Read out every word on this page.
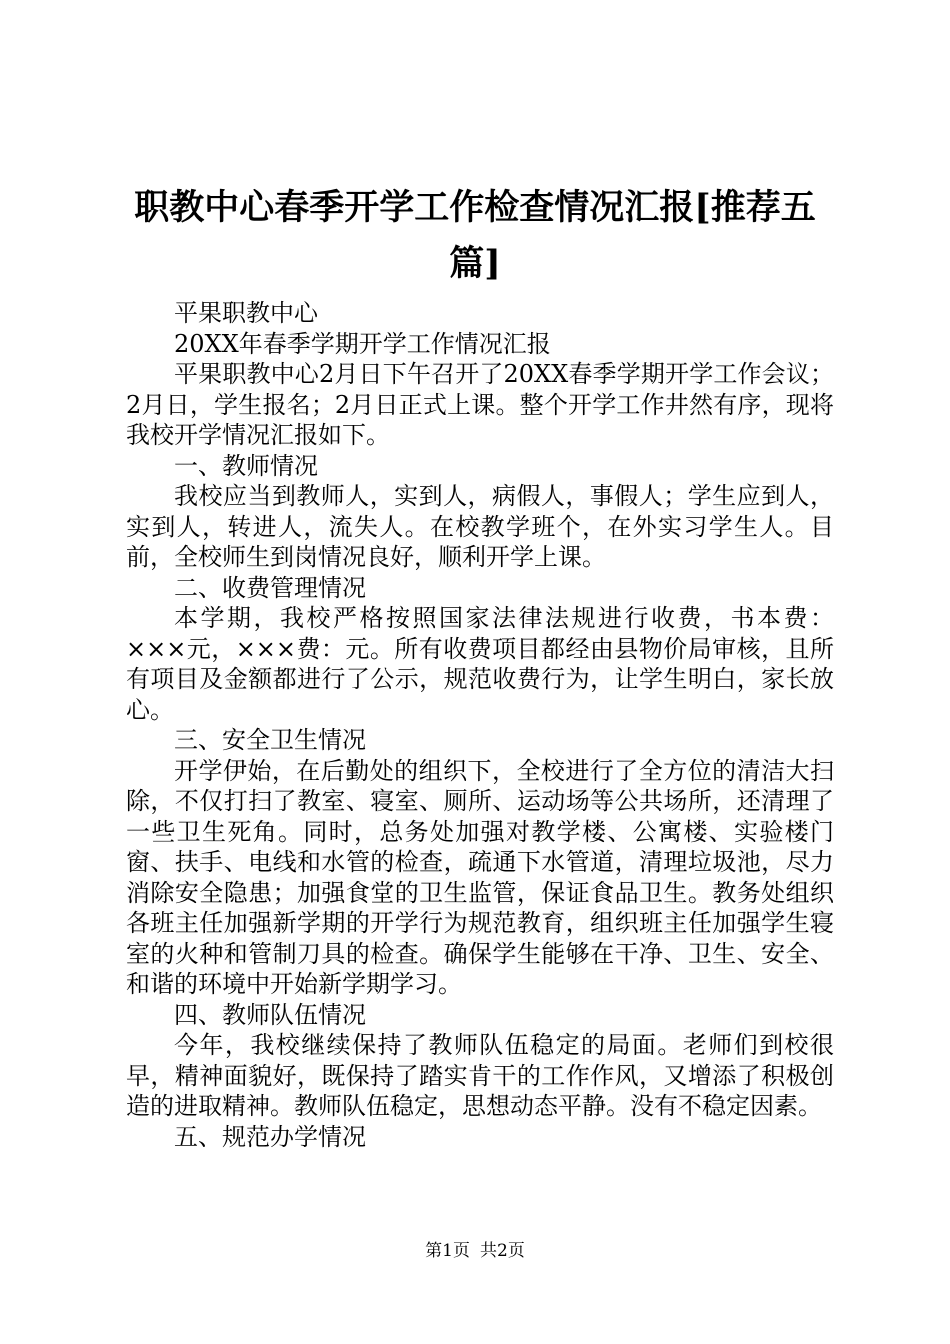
职教中心春季开学工作检查情况汇报[推荐五篇]

平果职教中心

20XX年春季学期开学工作情况汇报

平果职教中心2月日下午召开了20XX春季学期开学工作会议；2月日，学生报名；2月日正式上课。整个开学工作井然有序，现将我校开学情况汇报如下。

一、教师情况

我校应当到教师人，实到人，病假人，事假人；学生应到人，实到人，转进人，流失人。在校教学班个，在外实习学生人。目前，全校师生到岗情况良好，顺利开学上课。

二、收费管理情况

本学期，我校严格按照国家法律法规进行收费，书本费：×××元，×××费：元。所有收费项目都经由县物价局审核，且所有项目及金额都进行了公示，规范收费行为，让学生明白，家长放心。

三、安全卫生情况

开学伊始，在后勤处的组织下，全校进行了全方位的清洁大扫除，不仅打扫了教室、寝室、厕所、运动场等公共场所，还清理了一些卫生死角。同时，总务处加强对教学楼、公寓楼、实验楼门窗、扶手、电线和水管的检查，疏通下水管道，清理垃圾池，尽力消除安全隐患；加强食堂的卫生监管，保证食品卫生。教务处组织各班主任加强新学期的开学行为规范教育，组织班主任加强学生寝室的火种和管制刀具的检查。确保学生能够在干净、卫生、安全、和谐的环境中开始新学期学习。

四、教师队伍情况

今年，我校继续保持了教师队伍稳定的局面。老师们到校很早，精神面貌好，既保持了踏实肯干的工作作风，又增添了积极创造的进取精神。教师队伍稳定，思想动态平静。没有不稳定因素。

五、规范办学情况

第1页 共2页
